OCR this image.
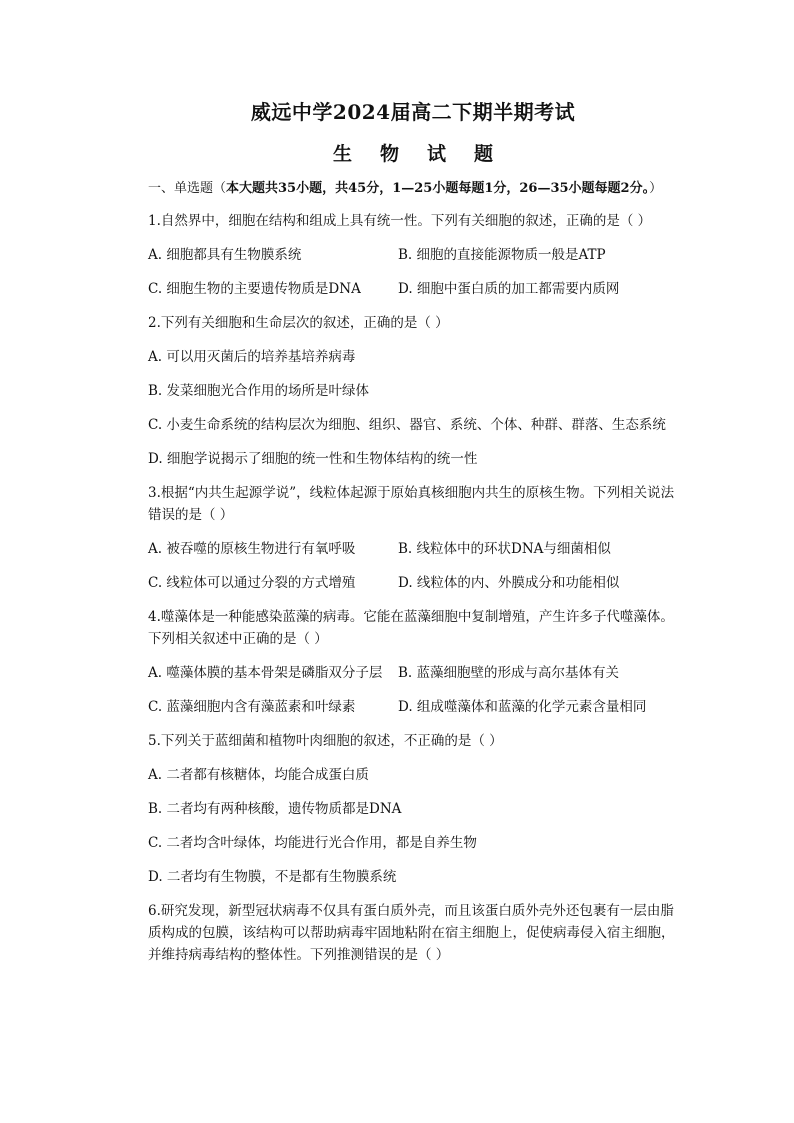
威远中学2024届高二下期半期考试
生 物 试 题
一、单选题（本大题共35小题，共45分，1—25小题每题1分，26—35小题每题2分。）
1.自然界中，细胞在结构和组成上具有统一性。下列有关细胞的叙述，正确的是（ ）
A. 细胞都具有生物膜系统	B. 细胞的直接能源物质一般是ATP
C. 细胞生物的主要遗传物质是DNA	D. 细胞中蛋白质的加工都需要内质网
2.下列有关细胞和生命层次的叙述，正确的是（ ）
A. 可以用灭菌后的培养基培养病毒
B. 发菜细胞光合作用的场所是叶绿体
C. 小麦生命系统的结构层次为细胞、组织、器官、系统、个体、种群、群落、生态系统
D. 细胞学说揭示了细胞的统一性和生物体结构的统一性
3.根据“内共生起源学说”，线粒体起源于原始真核细胞内共生的原核生物。下列相关说法错误的是（ ）
A. 被吞噬的原核生物进行有氧呼吸	B. 线粒体中的环状DNA与细菌相似
C. 线粒体可以通过分裂的方式增殖	D. 线粒体的内、外膜成分和功能相似
4.噬藻体是一种能感染蓝藻的病毒。它能在蓝藻细胞中复制增殖，产生许多子代噬藻体。下列相关叙述中正确的是（ ）
A. 噬藻体膜的基本骨架是磷脂双分子层	B. 蓝藻细胞壁的形成与高尔基体有关
C. 蓝藻细胞内含有藻蓝素和叶绿素	D. 组成噬藻体和蓝藻的化学元素含量相同
5.下列关于蓝细菌和植物叶肉细胞的叙述，不正确的是（ ）
A. 二者都有核糖体，均能合成蛋白质
B. 二者均有两种核酸，遗传物质都是DNA
C. 二者均含叶绿体，均能进行光合作用，都是自养生物
D. 二者均有生物膜，不是都有生物膜系统
6.研究发现，新型冠状病毒不仅具有蛋白质外壳，而且该蛋白质外壳外还包裹有一层由脂质构成的包膜，该结构可以帮助病毒牢固地粘附在宿主细胞上，促使病毒侵入宿主细胞，并维持病毒结构的整体性。下列推测错误的是（ ）
